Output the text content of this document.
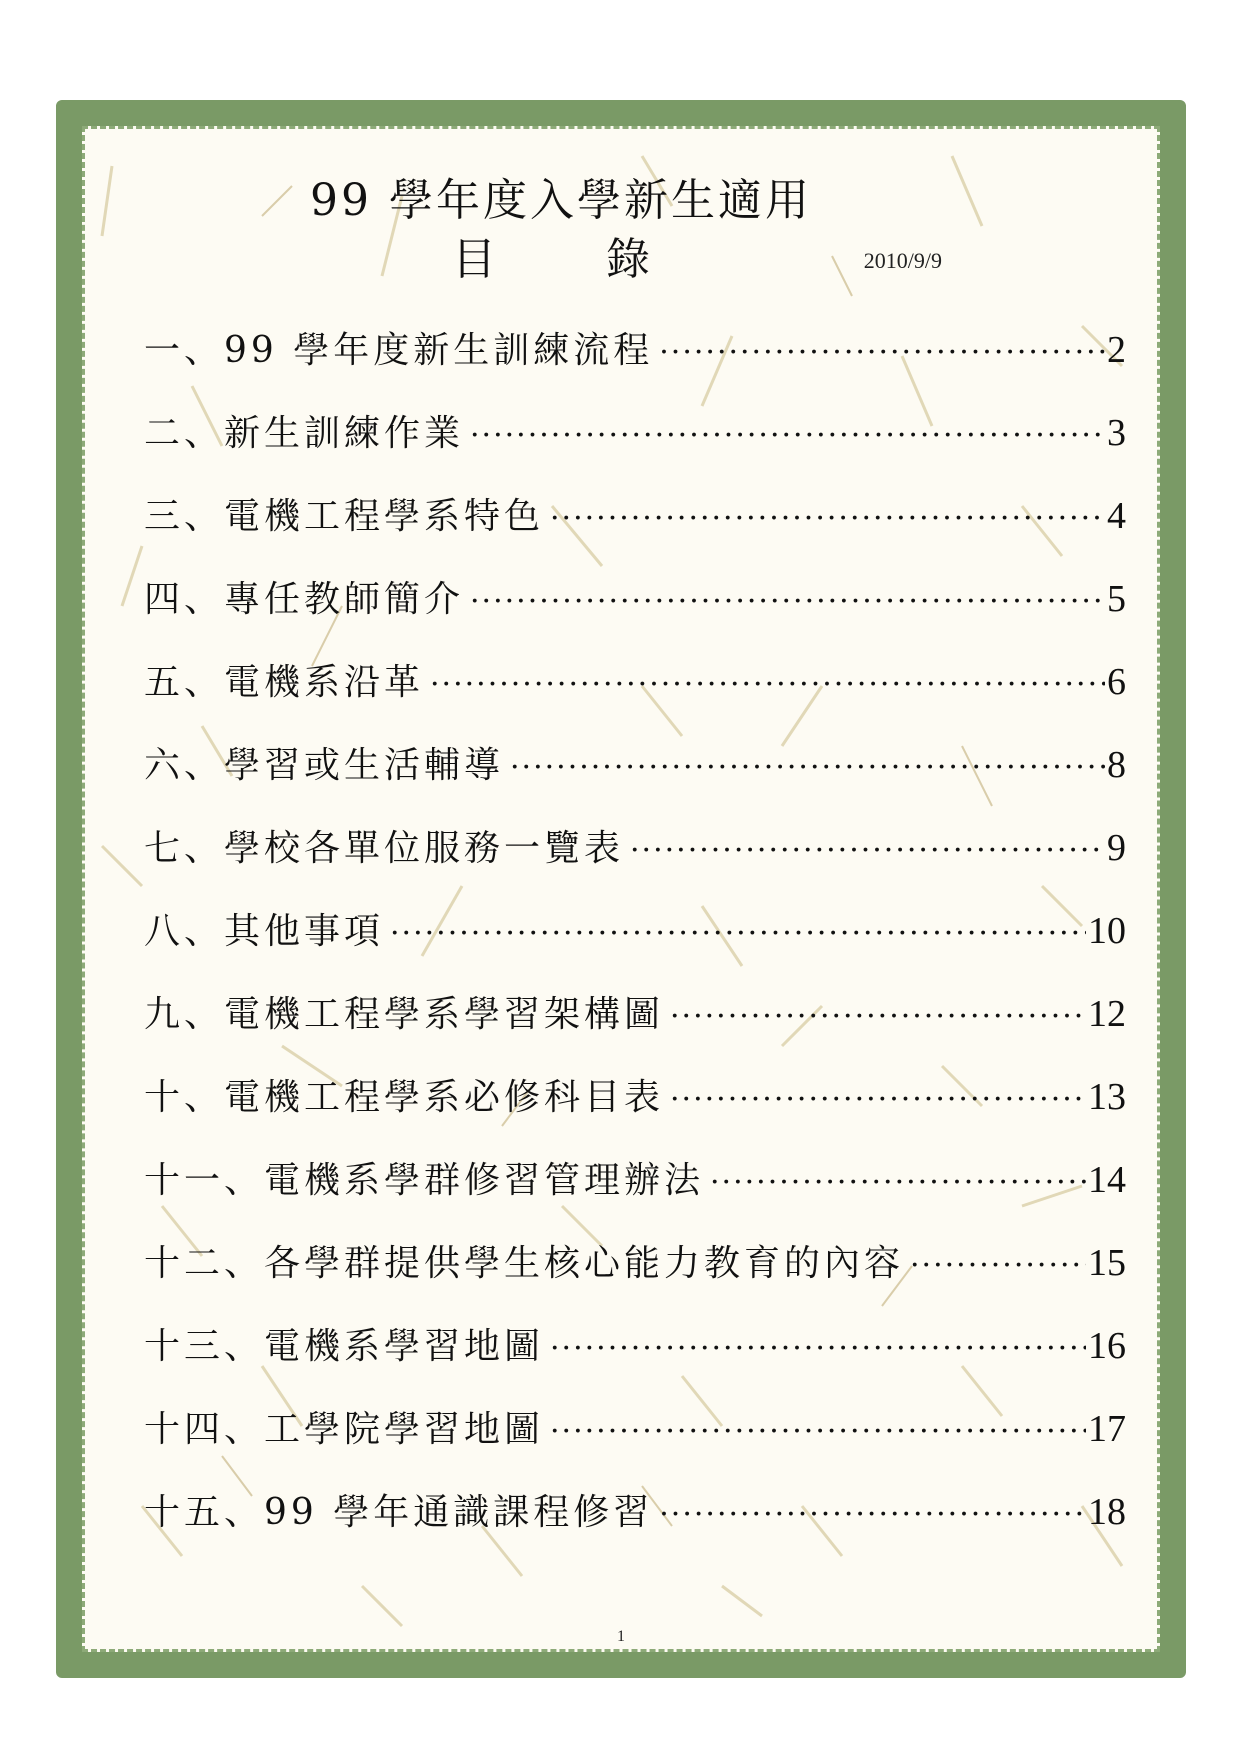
99 學年度入學新生適用

目	錄	2010/9/9
一、99 學年度新生訓練流程 ·····	2
二、新生訓練作業 ·····	3
三、電機工程學系特色 ·····	4
四、專任教師簡介 ·····	5
五、電機系沿革 ·····	6
六、學習或生活輔導 ·····	8
七、學校各單位服務一覽表 ·····	9
八、其他事項 ·····	10
九、電機工程學系學習架構圖 ·····	12
十、電機工程學系必修科目表 ·····	13
十一、電機系學群修習管理辦法 ·····	14
十二、各學群提供學生核心能力教育的內容 ·····	15
十三、電機系學習地圖 ·····	16
十四、工學院學習地圖 ·····	17
十五、99 學年通識課程修習 ·····	18
1
